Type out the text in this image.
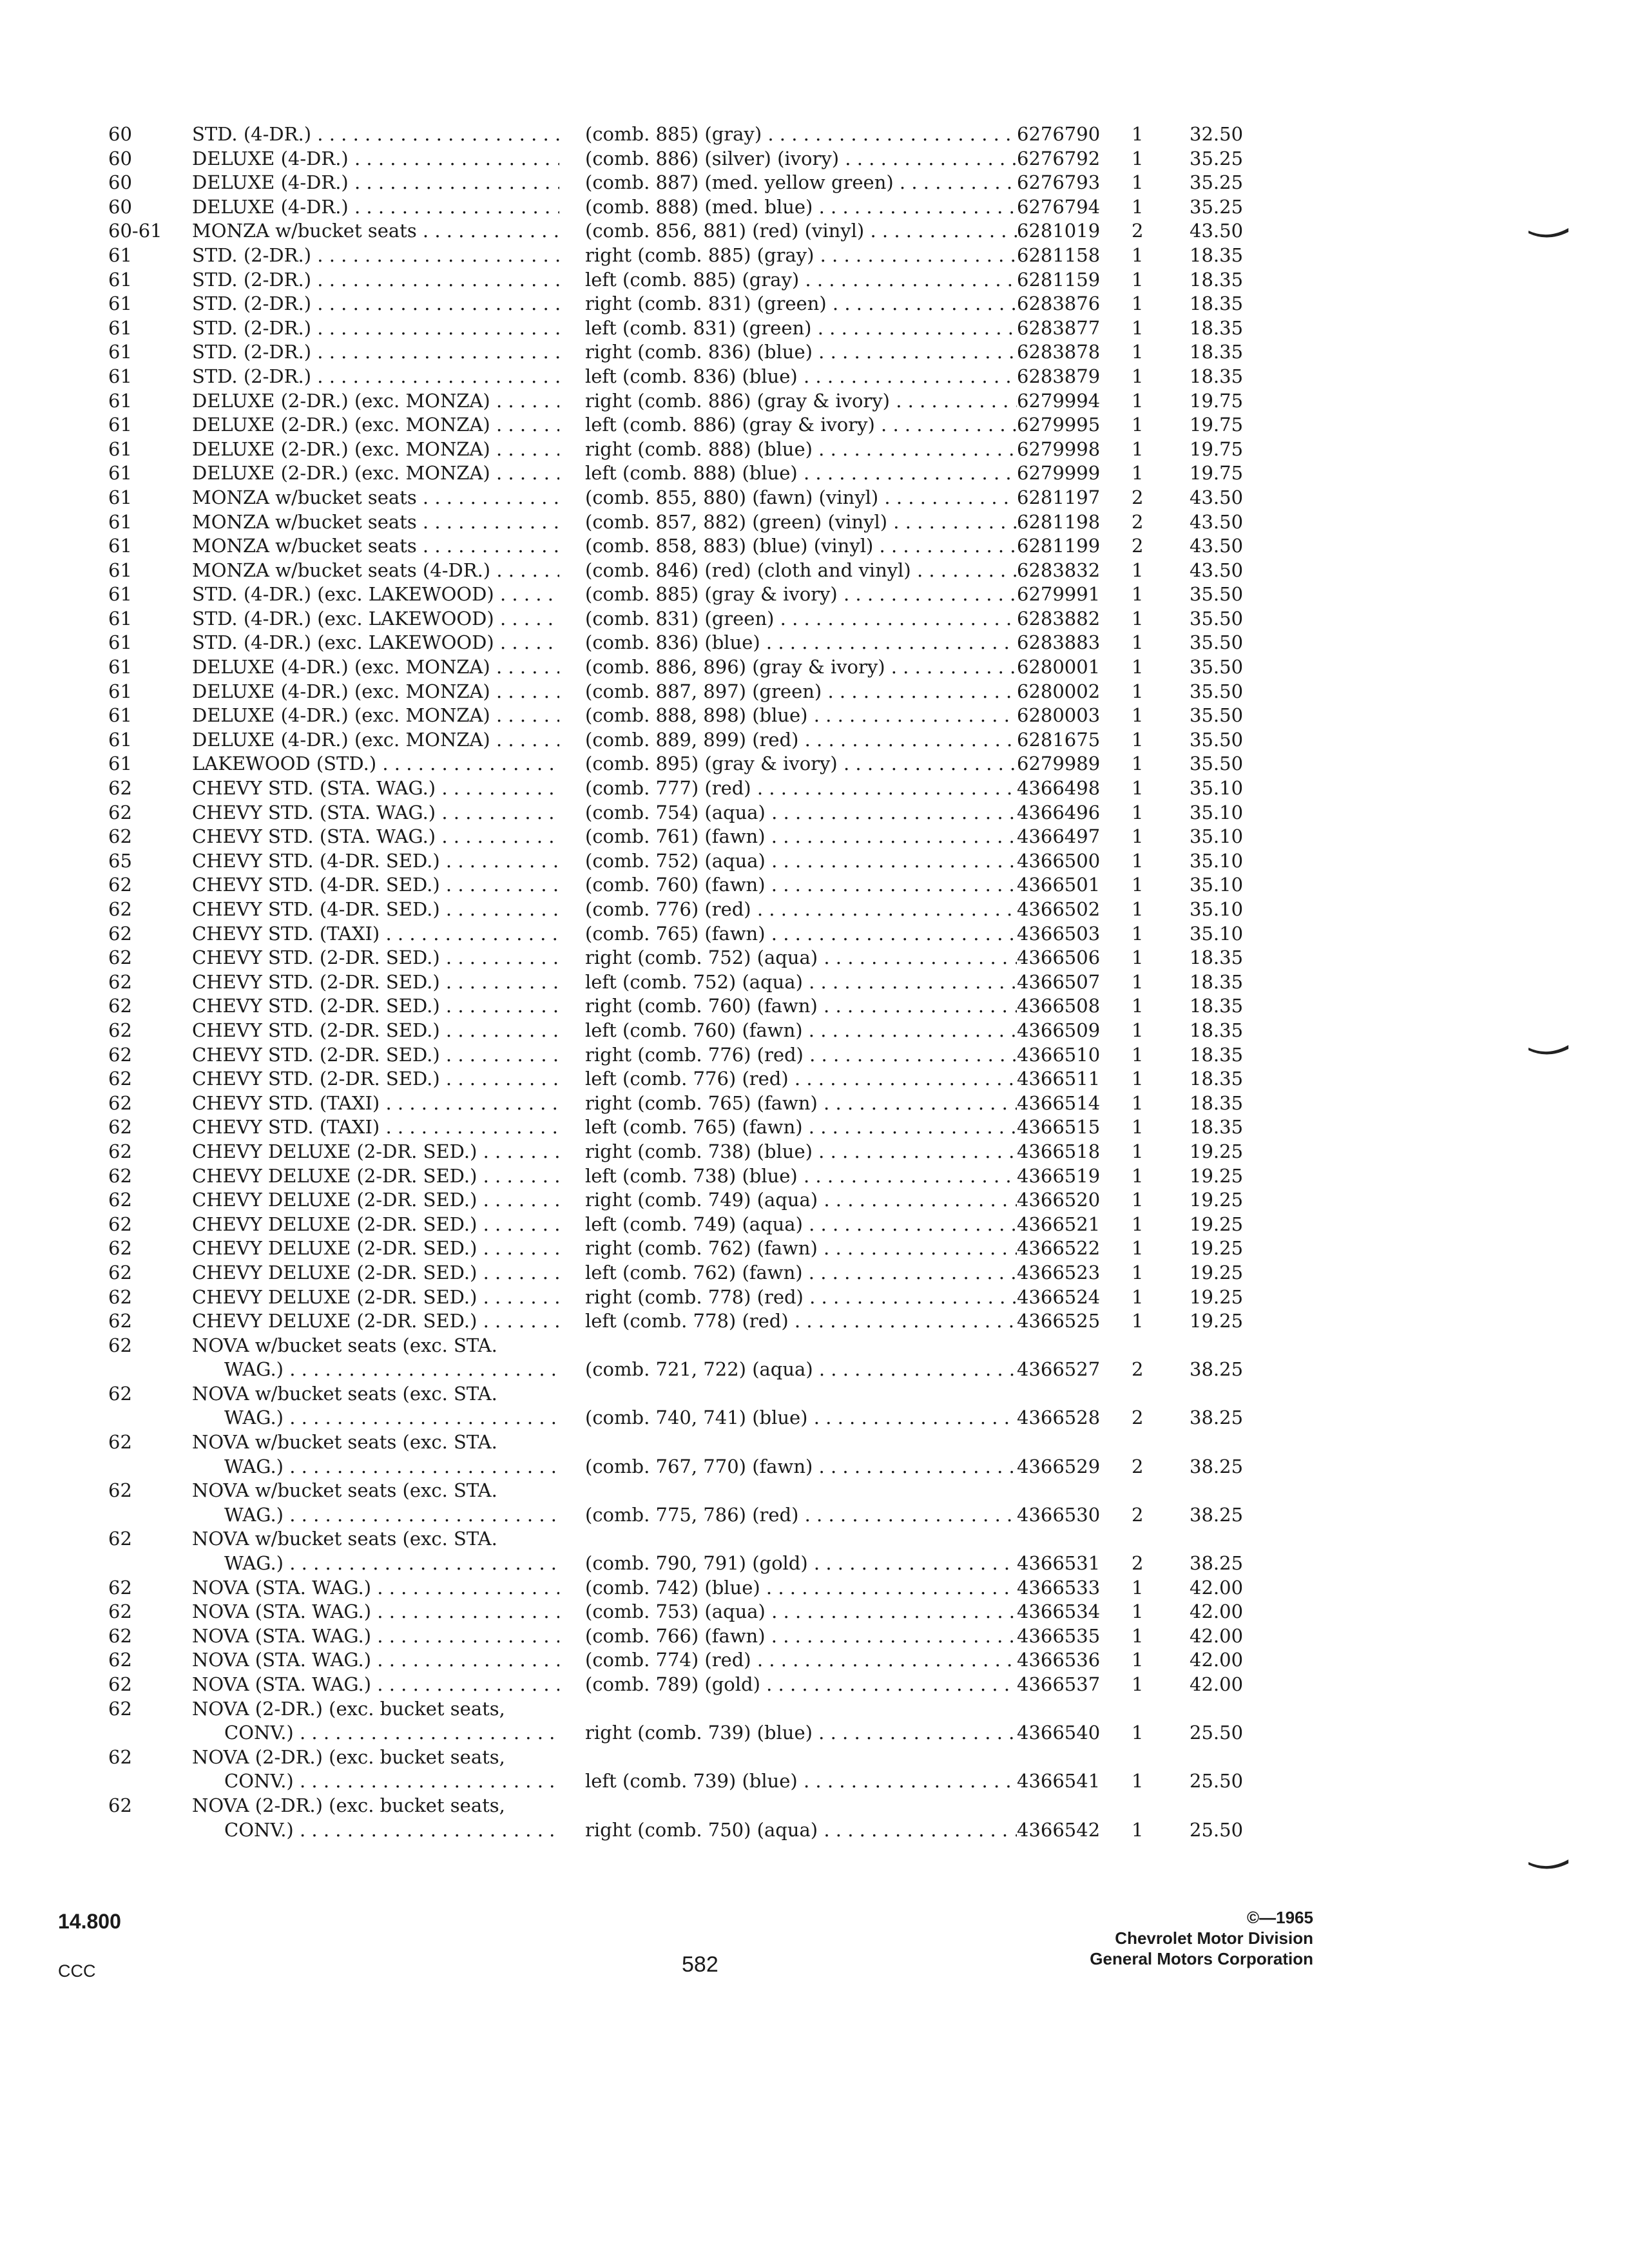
60	STD. (4-DR.) . . .	(comb. 885) (gray) . . .	6276790	1	32.50
60	DELUXE (4-DR.) . . .	(comb. 886) (silver) (ivory) . . .	6276792	1	35.25
60	DELUXE (4-DR.) . . .	(comb. 887) (med. yellow green) . . .	6276793	1	35.25
60	DELUXE (4-DR.) . . .	(comb. 888) (med. blue) . . .	6276794	1	35.25
60-61	MONZA w/bucket seats . . .	(comb. 856, 881) (red) (vinyl) . . .	6281019	2	43.50
61	STD. (2-DR.) . . .	right (comb. 885) (gray) . . .	6281158	1	18.35
61	STD. (2-DR.) . . .	left (comb. 885) (gray) . . .	6281159	1	18.35
61	STD. (2-DR.) . . .	right (comb. 831) (green) . . .	6283876	1	18.35
61	STD. (2-DR.) . . .	left (comb. 831) (green) . . .	6283877	1	18.35
61	STD. (2-DR.) . . .	right (comb. 836) (blue) . . .	6283878	1	18.35
61	STD. (2-DR.) . . .	left (comb. 836) (blue) . . .	6283879	1	18.35
61	DELUXE (2-DR.) (exc. MONZA) . . .	right (comb. 886) (gray & ivory) . . .	6279994	1	19.75
61	DELUXE (2-DR.) (exc. MONZA) . . .	left (comb. 886) (gray & ivory) . . .	6279995	1	19.75
61	DELUXE (2-DR.) (exc. MONZA) . . .	right (comb. 888) (blue) . . .	6279998	1	19.75
61	DELUXE (2-DR.) (exc. MONZA) . . .	left (comb. 888) (blue) . . .	6279999	1	19.75
61	MONZA w/bucket seats . . .	(comb. 855, 880) (fawn) (vinyl) . . .	6281197	2	43.50
61	MONZA w/bucket seats . . .	(comb. 857, 882) (green) (vinyl) . . .	6281198	2	43.50
61	MONZA w/bucket seats . . .	(comb. 858, 883) (blue) (vinyl) . . .	6281199	2	43.50
61	MONZA w/bucket seats (4-DR.) . . .	(comb. 846) (red) (cloth and vinyl) . . .	6283832	1	43.50
61	STD. (4-DR.) (exc. LAKEWOOD) . . .	(comb. 885) (gray & ivory) . . .	6279991	1	35.50
61	STD. (4-DR.) (exc. LAKEWOOD) . . .	(comb. 831) (green) . . .	6283882	1	35.50
61	STD. (4-DR.) (exc. LAKEWOOD) . . .	(comb. 836) (blue) . . .	6283883	1	35.50
61	DELUXE (4-DR.) (exc. MONZA) . . .	(comb. 886, 896) (gray & ivory) . . .	6280001	1	35.50
61	DELUXE (4-DR.) (exc. MONZA) . . .	(comb. 887, 897) (green) . . .	6280002	1	35.50
61	DELUXE (4-DR.) (exc. MONZA) . . .	(comb. 888, 898) (blue) . . .	6280003	1	35.50
61	DELUXE (4-DR.) (exc. MONZA) . . .	(comb. 889, 899) (red) . . .	6281675	1	35.50
61	LAKEWOOD (STD.) . . .	(comb. 895) (gray & ivory) . . .	6279989	1	35.50
62	CHEVY STD. (STA. WAG.) . . .	(comb. 777) (red) . . .	4366498	1	35.10
62	CHEVY STD. (STA. WAG.) . . .	(comb. 754) (aqua) . . .	4366496	1	35.10
62	CHEVY STD. (STA. WAG.) . . .	(comb. 761) (fawn) . . .	4366497	1	35.10
65	CHEVY STD. (4-DR. SED.) . . .	(comb. 752) (aqua) . . .	4366500	1	35.10
62	CHEVY STD. (4-DR. SED.) . . .	(comb. 760) (fawn) . . .	4366501	1	35.10
62	CHEVY STD. (4-DR. SED.) . . .	(comb. 776) (red) . . .	4366502	1	35.10
62	CHEVY STD. (TAXI) . . .	(comb. 765) (fawn) . . .	4366503	1	35.10
62	CHEVY STD. (2-DR. SED.) . . .	right (comb. 752) (aqua) . . .	4366506	1	18.35
62	CHEVY STD. (2-DR. SED.) . . .	left (comb. 752) (aqua) . . .	4366507	1	18.35
62	CHEVY STD. (2-DR. SED.) . . .	right (comb. 760) (fawn) . . .	4366508	1	18.35
62	CHEVY STD. (2-DR. SED.) . . .	left (comb. 760) (fawn) . . .	4366509	1	18.35
62	CHEVY STD. (2-DR. SED.) . . .	right (comb. 776) (red) . . .	4366510	1	18.35
62	CHEVY STD. (2-DR. SED.) . . .	left (comb. 776) (red) . . .	4366511	1	18.35
62	CHEVY STD. (TAXI) . . .	right (comb. 765) (fawn) . . .	4366514	1	18.35
62	CHEVY STD. (TAXI) . . .	left (comb. 765) (fawn) . . .	4366515	1	18.35
62	CHEVY DELUXE (2-DR. SED.) . . .	right (comb. 738) (blue) . . .	4366518	1	19.25
62	CHEVY DELUXE (2-DR. SED.) . . .	left (comb. 738) (blue) . . .	4366519	1	19.25
62	CHEVY DELUXE (2-DR. SED.) . . .	right (comb. 749) (aqua) . . .	4366520	1	19.25
62	CHEVY DELUXE (2-DR. SED.) . . .	left (comb. 749) (aqua) . . .	4366521	1	19.25
62	CHEVY DELUXE (2-DR. SED.) . . .	right (comb. 762) (fawn) . . .	4366522	1	19.25
62	CHEVY DELUXE (2-DR. SED.) . . .	left (comb. 762) (fawn) . . .	4366523	1	19.25
62	CHEVY DELUXE (2-DR. SED.) . . .	right (comb. 778) (red) . . .	4366524	1	19.25
62	CHEVY DELUXE (2-DR. SED.) . . .	left (comb. 778) (red) . . .	4366525	1	19.25
62	NOVA w/bucket seats (exc. STA.
WAG.) . . .	(comb. 721, 722) (aqua) . . .	4366527	2	38.25
62	NOVA w/bucket seats (exc. STA.
WAG.) . . .	(comb. 740, 741) (blue) . . .	4366528	2	38.25
62	NOVA w/bucket seats (exc. STA.
WAG.) . . .	(comb. 767, 770) (fawn) . . .	4366529	2	38.25
62	NOVA w/bucket seats (exc. STA.
WAG.) . . .	(comb. 775, 786) (red) . . .	4366530	2	38.25
62	NOVA w/bucket seats (exc. STA.
WAG.) . . .	(comb. 790, 791) (gold) . . .	4366531	2	38.25
62	NOVA (STA. WAG.) . . .	(comb. 742) (blue) . . .	4366533	1	42.00
62	NOVA (STA. WAG.) . . .	(comb. 753) (aqua) . . .	4366534	1	42.00
62	NOVA (STA. WAG.) . . .	(comb. 766) (fawn) . . .	4366535	1	42.00
62	NOVA (STA. WAG.) . . .	(comb. 774) (red) . . .	4366536	1	42.00
62	NOVA (STA. WAG.) . . .	(comb. 789) (gold) . . .	4366537	1	42.00
62	NOVA (2-DR.) (exc. bucket seats,
CONV.) . . .	right (comb. 739) (blue) . . .	4366540	1	25.50
62	NOVA (2-DR.) (exc. bucket seats,
CONV.) . . .	left (comb. 739) (blue) . . .	4366541	1	25.50
62	NOVA (2-DR.) (exc. bucket seats,
CONV.) . . .	right (comb. 750) (aqua) . . .	4366542	1	25.50
14.800
CCC	582
©—1965
Chevrolet Motor Division
General Motors Corporation
